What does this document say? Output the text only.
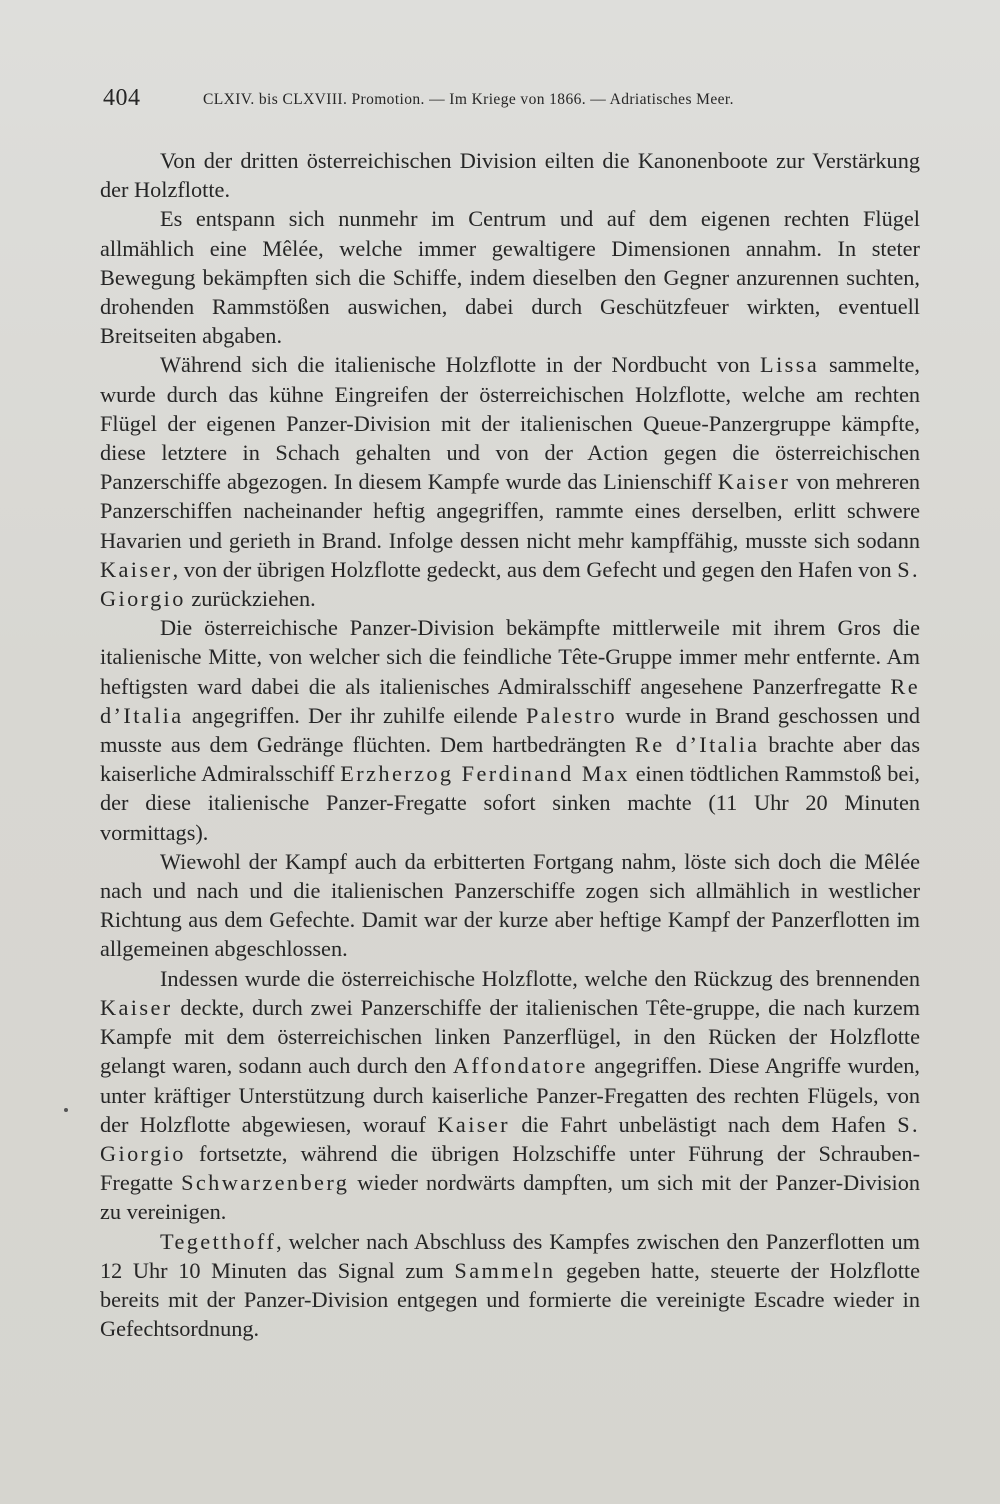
404	CLXIV. bis CLXVIII. Promotion. — Im Kriege von 1866. — Adriatisches Meer.

Von der dritten österreichischen Division eilten die Kanonenboote zur Verstärkung der Holzflotte.

Es entspann sich nunmehr im Centrum und auf dem eigenen rechten Flügel allmählich eine Mêlée, welche immer gewaltigere Dimensionen annahm. In steter Bewegung bekämpften sich die Schiffe, indem dieselben den Gegner anzurennen suchten, drohenden Rammstößen auswichen, dabei durch Geschützfeuer wirkten, eventuell Breitseiten abgaben.

Während sich die italienische Holzflotte in der Nordbucht von Lissa sammelte, wurde durch das kühne Eingreifen der österreichischen Holzflotte, welche am rechten Flügel der eigenen Panzer-Division mit der italienischen Queue-Panzergruppe kämpfte, diese letztere in Schach gehalten und von der Action gegen die österreichischen Panzerschiffe abgezogen. In diesem Kampfe wurde das Linienschiff Kaiser von mehreren Panzerschiffen nacheinander heftig angegriffen, rammte eines derselben, erlitt schwere Havarien und gerieth in Brand. Infolge dessen nicht mehr kampffähig, musste sich sodann Kaiser, von der übrigen Holzflotte gedeckt, aus dem Gefecht und gegen den Hafen von S. Giorgio zurückziehen.

Die österreichische Panzer-Division bekämpfte mittlerweile mit ihrem Gros die italienische Mitte, von welcher sich die feindliche Tête-Gruppe immer mehr entfernte. Am heftigsten ward dabei die als italienisches Admiralsschiff angesehene Panzerfregatte Re d’Italia angegriffen. Der ihr zuhilfe eilende Palestro wurde in Brand geschossen und musste aus dem Gedränge flüchten. Dem hartbedrängten Re d’Italia brachte aber das kaiserliche Admiralsschiff Erzherzog Ferdinand Max einen tödtlichen Rammstoß bei, der diese italienische Panzer-Fregatte sofort sinken machte (11 Uhr 20 Minuten vormittags).

Wiewohl der Kampf auch da erbitterten Fortgang nahm, löste sich doch die Mêlée nach und nach und die italienischen Panzerschiffe zogen sich allmählich in westlicher Richtung aus dem Gefechte. Damit war der kurze aber heftige Kampf der Panzerflotten im allgemeinen abgeschlossen.

Indessen wurde die österreichische Holzflotte, welche den Rückzug des brennenden Kaiser deckte, durch zwei Panzerschiffe der italienischen Tête-gruppe, die nach kurzem Kampfe mit dem österreichischen linken Panzerflügel, in den Rücken der Holzflotte gelangt waren, sodann auch durch den Affondatore angegriffen. Diese Angriffe wurden, unter kräftiger Unterstützung durch kaiserliche Panzer-Fregatten des rechten Flügels, von der Holzflotte abgewiesen, worauf Kaiser die Fahrt unbelästigt nach dem Hafen S. Giorgio fortsetzte, während die übrigen Holzschiffe unter Führung der Schrauben-Fregatte Schwarzenberg wieder nordwärts dampften, um sich mit der Panzer-Division zu vereinigen.

Tegetthoff, welcher nach Abschluss des Kampfes zwischen den Panzerflotten um 12 Uhr 10 Minuten das Signal zum Sammeln gegeben hatte, steuerte der Holzflotte bereits mit der Panzer-Division entgegen und formierte die vereinigte Escadre wieder in Gefechtsordnung.
